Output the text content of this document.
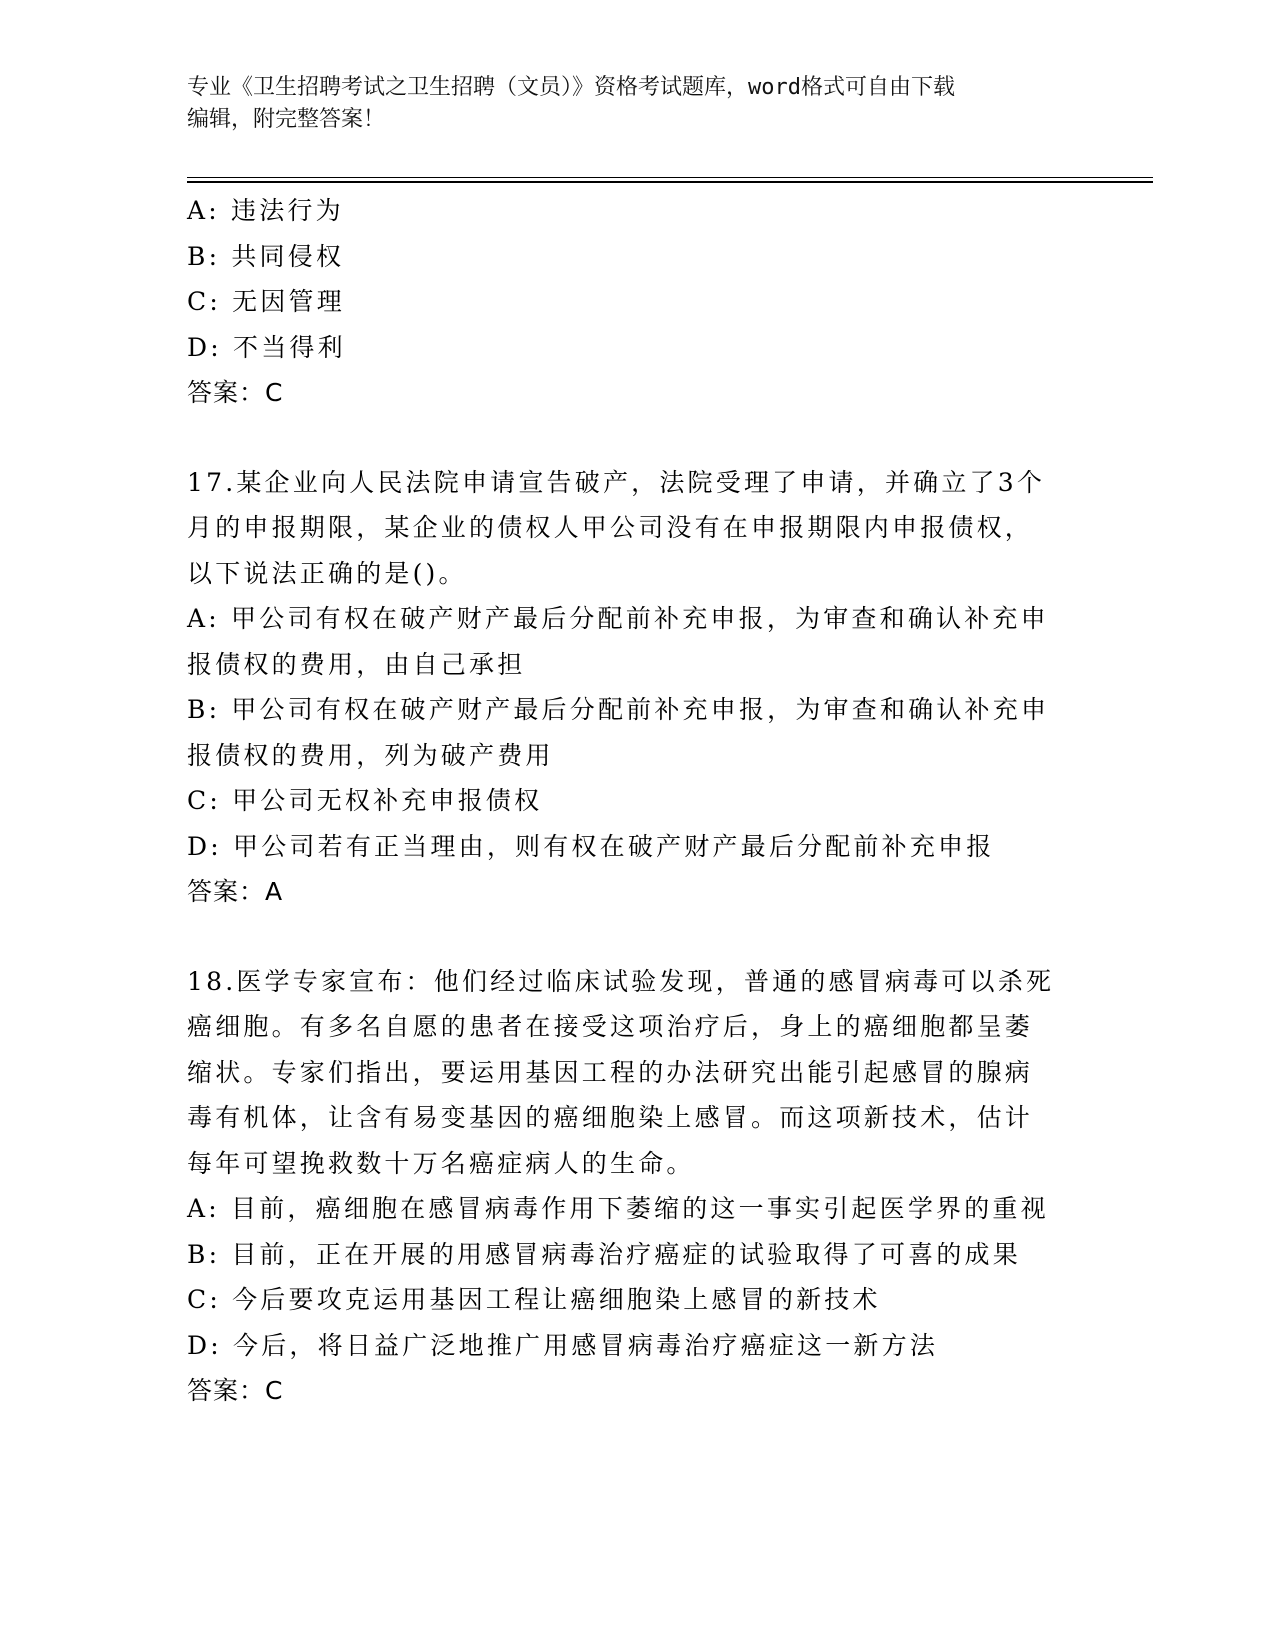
专业《卫生招聘考试之卫生招聘（文员）》资格考试题库，word格式可自由下载
编辑，附完整答案！
A: 违法行为
B: 共同侵权
C: 无因管理
D: 不当得利
答案：C
17.某企业向人民法院申请宣告破产，法院受理了申请，并确立了3个
月的申报期限，某企业的债权人甲公司没有在申报期限内申报债权，
以下说法正确的是()。
A: 甲公司有权在破产财产最后分配前补充申报，为审查和确认补充申
报债权的费用，由自己承担
B: 甲公司有权在破产财产最后分配前补充申报，为审查和确认补充申
报债权的费用，列为破产费用
C: 甲公司无权补充申报债权
D: 甲公司若有正当理由，则有权在破产财产最后分配前补充申报
答案：A
18.医学专家宣布：他们经过临床试验发现，普通的感冒病毒可以杀死
癌细胞。有多名自愿的患者在接受这项治疗后，身上的癌细胞都呈萎
缩状。专家们指出，要运用基因工程的办法研究出能引起感冒的腺病
毒有机体，让含有易变基因的癌细胞染上感冒。而这项新技术，估计
每年可望挽救数十万名癌症病人的生命。
A: 目前，癌细胞在感冒病毒作用下萎缩的这一事实引起医学界的重视
B: 目前，正在开展的用感冒病毒治疗癌症的试验取得了可喜的成果
C: 今后要攻克运用基因工程让癌细胞染上感冒的新技术
D: 今后，将日益广泛地推广用感冒病毒治疗癌症这一新方法
答案：C
